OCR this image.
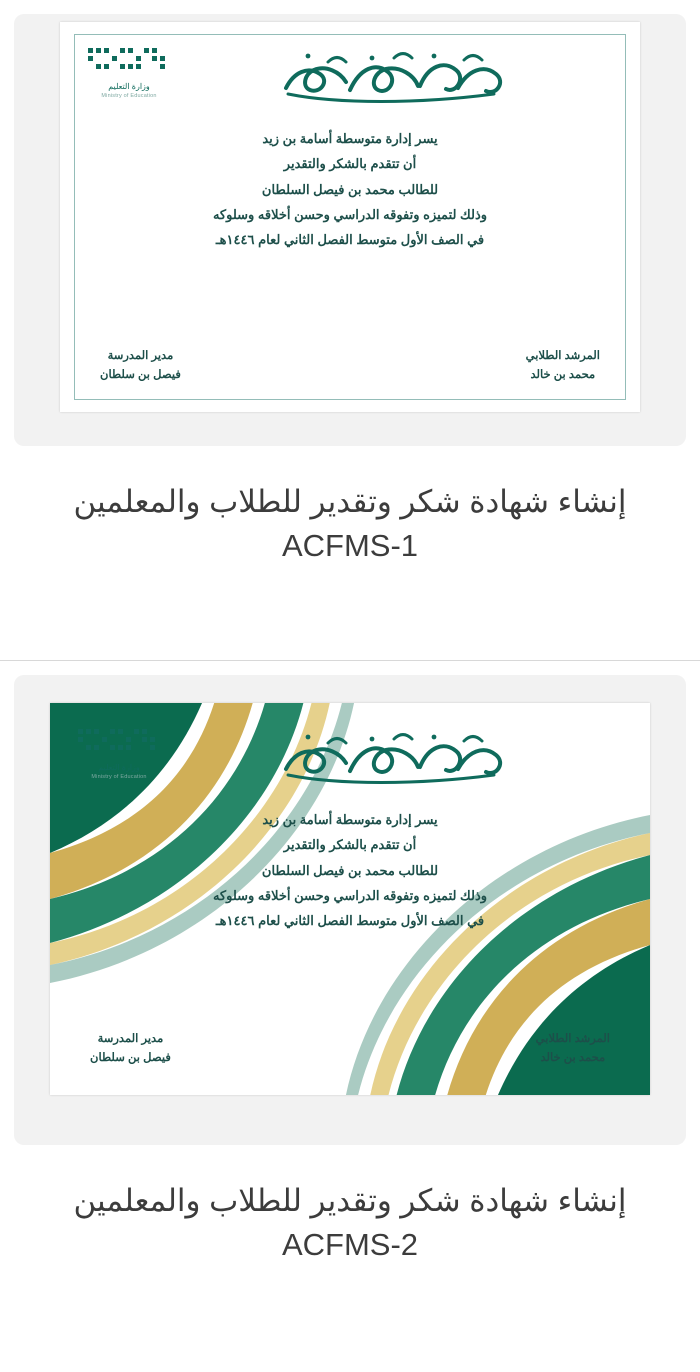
وزارة التعليم
Ministry of Education
يسر إدارة متوسطة أسامة بن زيد
أن تتقدم بالشكر والتقدير
للطالب محمد بن فيصل السلطان
وذلك لتميزه وتفوقه الدراسي وحسن أخلاقه وسلوكه
في الصف الأول متوسط الفصل الثاني لعام ١٤٤٦هـ
المرشد الطلابي
محمد بن خالد
مدير المدرسة
فيصل بن سلطان
إنشاء شهادة شكر وتقدير للطلاب والمعلمين ACFMS-1
وزارة التعليم
Ministry of Education
يسر إدارة متوسطة أسامة بن زيد
أن تتقدم بالشكر والتقدير
للطالب محمد بن فيصل السلطان
وذلك لتميزه وتفوقه الدراسي وحسن أخلاقه وسلوكه
في الصف الأول متوسط الفصل الثاني لعام ١٤٤٦هـ
المرشد الطلابي
محمد بن خالد
مدير المدرسة
فيصل بن سلطان
إنشاء شهادة شكر وتقدير للطلاب والمعلمين ACFMS-2
